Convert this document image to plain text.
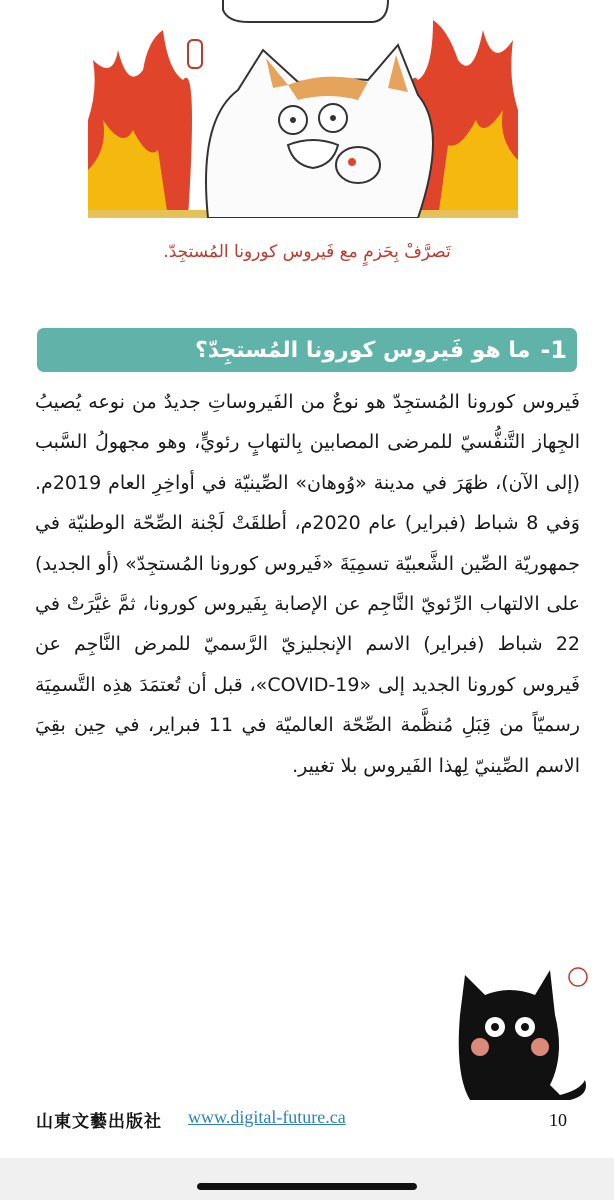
تَصرَّفْ بِحَزمٍ مع فَيروس كورونا المُستجِدّ.
1-
ما هو فَيروس كورونا المُستجِدّ؟

فَيروس كورونا المُستجِدّ هو نوعٌ من الفَيروساتِ جديدٌ من نوعه يُصيبُ الجِهاز التَّنفُّسيّ للمرضى المصابين بِالتهابٍ رئويٍّ، وهو مجهولُ السَّبب (إلى الآن)، ظهَرَ في مدينة «وُوهان» الصِّينيّة في أواخِرِ العام 2019م. وَفي 8 شباط (فبراير) عام 2020م، أطلقَتْ لَجْنة الصِّحّة الوطنيّة في جمهوريّة الصِّين الشَّعبيّة تسمِيَةَ «فَيروس كورونا المُستجِدّ» (أو الجديد) على الالتهاب الرِّئويّ النَّاجِم عن الإصابة بِفَيروس كورونا، ثمَّ غيَّرَتْ في 22 شباط (فبراير) الاسم الإنجليزيّ الرَّسميّ للمرض النَّاجِم عن فَيروس كورونا الجديد إلى «COVID-19»، قبل أن تُعتمَدَ هذِه التَّسمِيَة رسميّاً من قِبَلِ مُنظَّمة الصِّحّة العالميّة في 11 فبراير، في حِين بقِيَ الاسم الصِّينيّ لِهذا الفَيروس بلا تغيير.

山東文藝出版社 www.digital-future.ca	10
